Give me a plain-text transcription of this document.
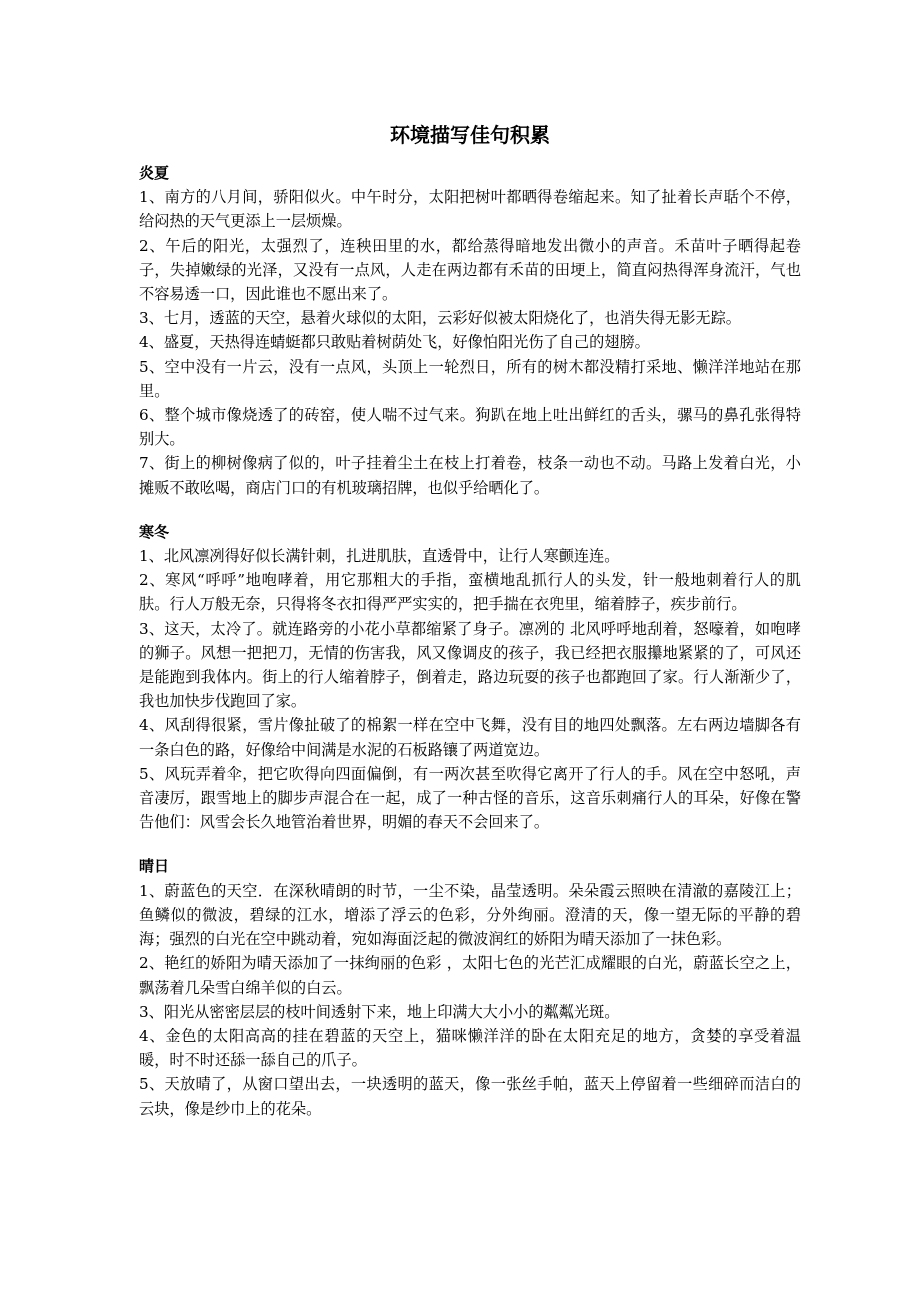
环境描写佳句积累
炎夏

1、南方的八月间，骄阳似火。中午时分，太阳把树叶都晒得卷缩起来。知了扯着长声聒个不停，给闷热的天气更添上一层烦燥。

2、午后的阳光，太强烈了，连秧田里的水，都给蒸得暗地发出微小的声音。禾苗叶子晒得起卷子，失掉嫩绿的光泽，又没有一点风，人走在两边都有禾苗的田埂上，简直闷热得浑身流汗，气也不容易透一口，因此谁也不愿出来了。

3、七月，透蓝的天空，悬着火球似的太阳，云彩好似被太阳烧化了，也消失得无影无踪。

4、盛夏，天热得连蜻蜓都只敢贴着树荫处飞，好像怕阳光伤了自己的翅膀。

5、空中没有一片云，没有一点风，头顶上一轮烈日，所有的树木都没精打采地、懒洋洋地站在那里。

6、整个城市像烧透了的砖窑，使人喘不过气来。狗趴在地上吐出鲜红的舌头，骡马的鼻孔张得特别大。

7、街上的柳树像病了似的，叶子挂着尘土在枝上打着卷，枝条一动也不动。马路上发着白光，小摊贩不敢吆喝，商店门口的有机玻璃招牌，也似乎给晒化了。

寒冬

1、北风凛冽得好似长满针刺，扎进肌肤，直透骨中，让行人寒颤连连。

2、寒风“呼呼”地咆哮着，用它那粗大的手指，蛮横地乱抓行人的头发，针一般地刺着行人的肌肤。行人万般无奈，只得将冬衣扣得严严实实的，把手揣在衣兜里，缩着脖子，疾步前行。

3、这天，太冷了。就连路旁的小花小草都缩紧了身子。凛冽的 北风呼呼地刮着，怒嚎着，如咆哮的狮子。风想一把把刀，无情的伤害我，风又像调皮的孩子，我已经把衣服攥地紧紧的了，可风还是能跑到我体内。街上的行人缩着脖子，倒着走，路边玩耍的孩子也都跑回了家。行人渐渐少了，我也加快步伐跑回了家。

4、风刮得很紧，雪片像扯破了的棉絮一样在空中飞舞，没有目的地四处飘落。左右两边墙脚各有一条白色的路，好像给中间满是水泥的石板路镶了两道宽边。

5、风玩弄着伞，把它吹得向四面偏倒，有一两次甚至吹得它离开了行人的手。风在空中怒吼，声音凄厉，跟雪地上的脚步声混合在一起，成了一种古怪的音乐，这音乐刺痛行人的耳朵，好像在警告他们：风雪会长久地管治着世界，明媚的春天不会回来了。

晴日

1、蔚蓝色的天空．在深秋晴朗的时节，一尘不染，晶莹透明。朵朵霞云照映在清澈的嘉陵江上；鱼鳞似的微波，碧绿的江水，增添了浮云的色彩，分外绚丽。澄清的天，像一望无际的平静的碧海；强烈的白光在空中跳动着，宛如海面泛起的微波润红的娇阳为晴天添加了一抹色彩。

2、艳红的娇阳为晴天添加了一抹绚丽的色彩 ，太阳七色的光芒汇成耀眼的白光，蔚蓝长空之上，飘荡着几朵雪白绵羊似的白云。

3、阳光从密密层层的枝叶间透射下来，地上印满大大小小的粼粼光斑。

4、金色的太阳高高的挂在碧蓝的天空上，猫咪懒洋洋的卧在太阳充足的地方，贪婪的享受着温暖，时不时还舔一舔自己的爪子。

5、天放晴了，从窗口望出去，一块透明的蓝天，像一张丝手帕，蓝天上停留着一些细碎而洁白的云块，像是纱巾上的花朵。
